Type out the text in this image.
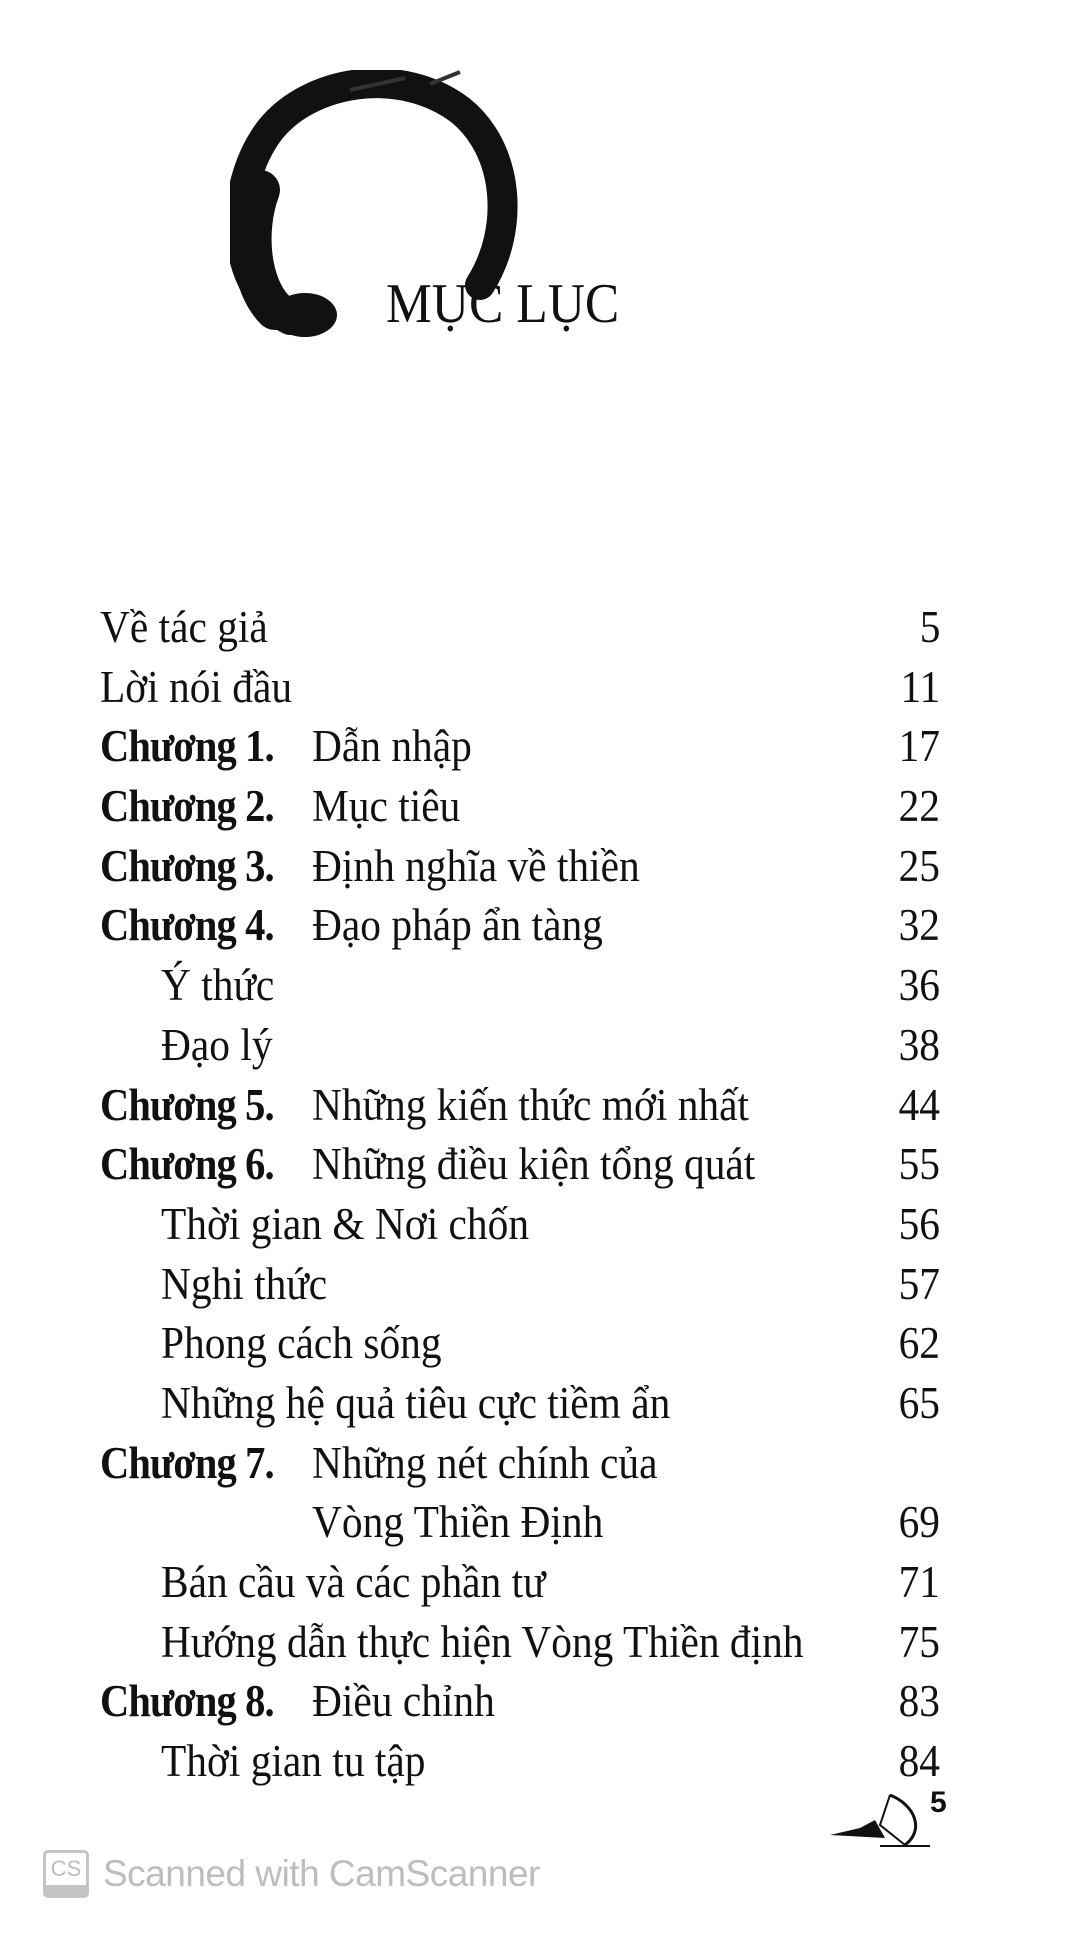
MỤC LỤC
Về tác giả	5
Lời nói đầu	11
Chương 1. Dẫn nhập	17
Chương 2. Mục tiêu	22
Chương 3. Định nghĩa về thiền	25
Chương 4. Đạo pháp ẩn tàng	32
Ý thức	36
Đạo lý	38
Chương 5. Những kiến thức mới nhất	44
Chương 6. Những điều kiện tổng quát	55
Thời gian & Nơi chốn	56
Nghi thức	57
Phong cách sống	62
Những hệ quả tiêu cực tiềm ẩn	65
Chương 7. Những nét chính của
Vòng Thiền Định	69
Bán cầu và các phần tư	71
Hướng dẫn thực hiện Vòng Thiền định 75
Chương 8. Điều chỉnh	83
Thời gian tu tập	84
5
CS Scanned with CamScanner
